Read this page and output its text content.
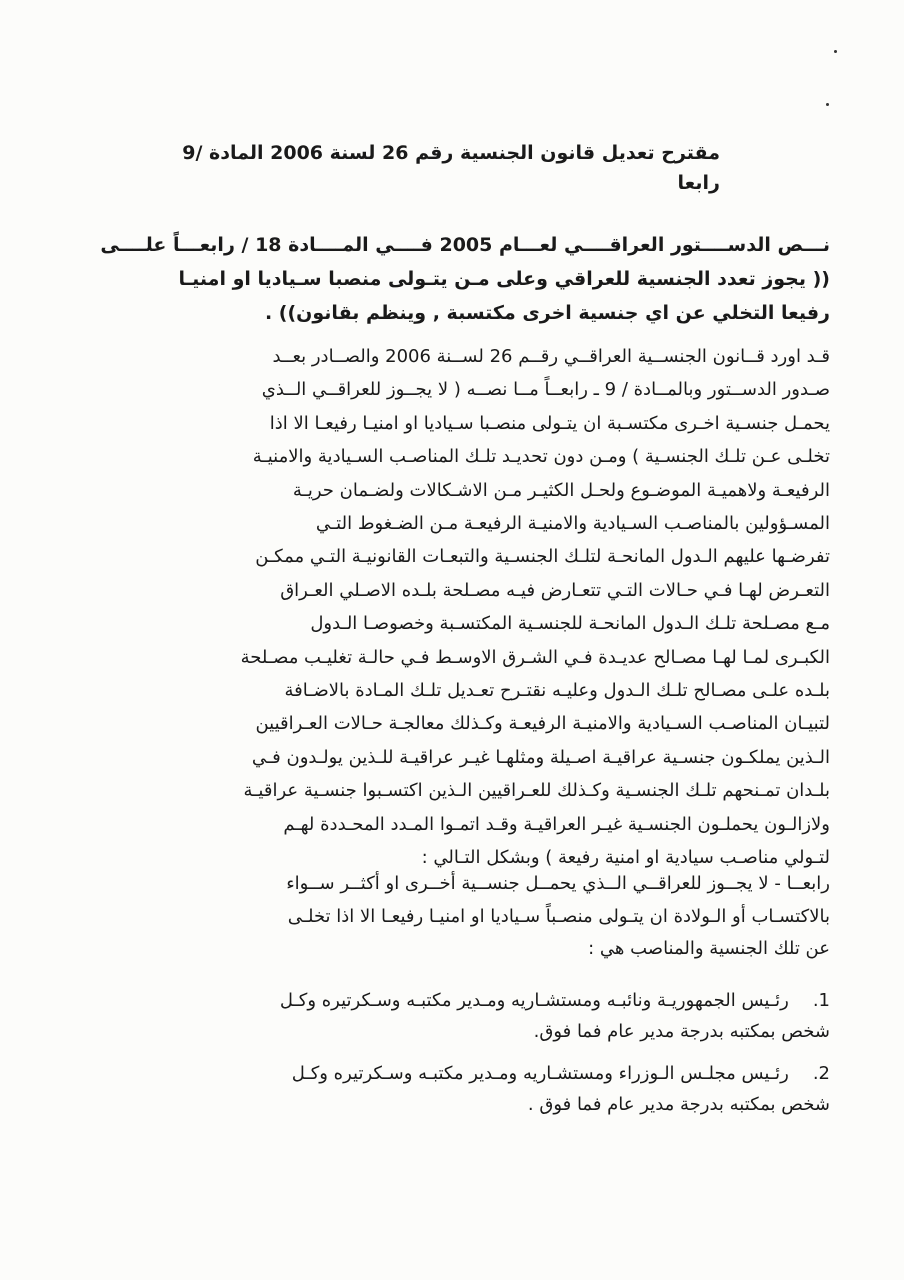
مقترح تعديل قانون الجنسية رقم 26 لسنة 2006 المادة /9 رابعا
نـــص الدســــتور العراقــــي لعـــام 2005 فــــي المــــادة 18 / رابعـــاً علــــى
(( يجوز تعدد الجنسية للعراقي وعلى مـن يتـولى منصبا سـياديا او امنيـا
رفيعا التخلي عن اي جنسية اخرى مكتسبة , وينظم بقانون)) .
قـد اورد قــانون الجنســية العراقــي رقــم 26 لســنة 2006 والصــادر بعــد
صـدور الدســتور وبالمــادة / 9 ـ رابعــاً مــا نصــه ( لا يجــوز للعراقــي الــذي
يحمـل جنسـية اخـرى مكتسـبة ان يتـولى منصـبا سـياديا او امنيـا رفيعـا الا اذا
تخلـى عـن تلـك الجنسـية ) ومـن دون تحديـد تلـك المناصـب السـيادية والامنيـة
الرفيعـة ولاهميـة الموضـوع ولحـل الكثيـر مـن الاشـكالات ولضـمان حريـة
المسـؤولين بالمناصـب السـيادية والامنيـة الرفيعـة مـن الضـغوط التـي
تفرضـها عليهم الـدول المانحـة لتلـك الجنسـية والتبعـات القانونيـة التـي ممكـن
التعـرض لهـا فـي حـالات التـي تتعـارض فيـه مصـلحة بلـده الاصـلي العـراق
مـع مصـلحة تلـك الـدول المانحـة للجنسـية المكتسـبة وخصوصـا الـدول
الكبـرى لمـا لهـا مصـالح عديـدة فـي الشـرق الاوسـط فـي حالـة تغليـب مصـلحة
بلـده علـى مصـالح تلـك الـدول وعليـه نقتـرح تعـديل تلـك المـادة بالاضـافة
لتبيـان المناصـب السـيادية والامنيـة الرفيعـة وكـذلك معالجـة حـالات العـراقيين
الـذين يملكـون جنسـية عراقيـة اصـيلة ومثلهـا غيـر عراقيـة للـذين يولـدون فـي
بلـدان تمـنحهم تلـك الجنسـية وكـذلك للعـراقيين الـذين اكتسـبوا جنسـية عراقيـة
ولازالـون يحملـون الجنسـية غيـر العراقيـة وقـد اتمـوا المـدد المحـددة لهـم
لتـولي مناصـب سيادية او امنية رفيعة ) وبشكل التـالي :
رابعــا - لا يجــوز للعراقــي الــذي يحمــل جنســية أخــرى او أكثــر ســواء
بالاكتسـاب أو الـولادة ان يتـولى منصـباً سـياديا او امنيـا رفيعـا الا اذا تخلـى
عن تلك الجنسية والمناصب هي :
1.رئـيس الجمهوريـة ونائبـه ومستشـاريه ومـدير مكتبـه وسـكرتيره وكـل
شخص بمكتبه بدرجة مدير عام فما فوق.
2.رئـيس مجلـس الـوزراء ومستشـاريه ومـدير مكتبـه وسـكرتيره وكـل
شخص بمكتبه بدرجة مدير عام فما فوق .
